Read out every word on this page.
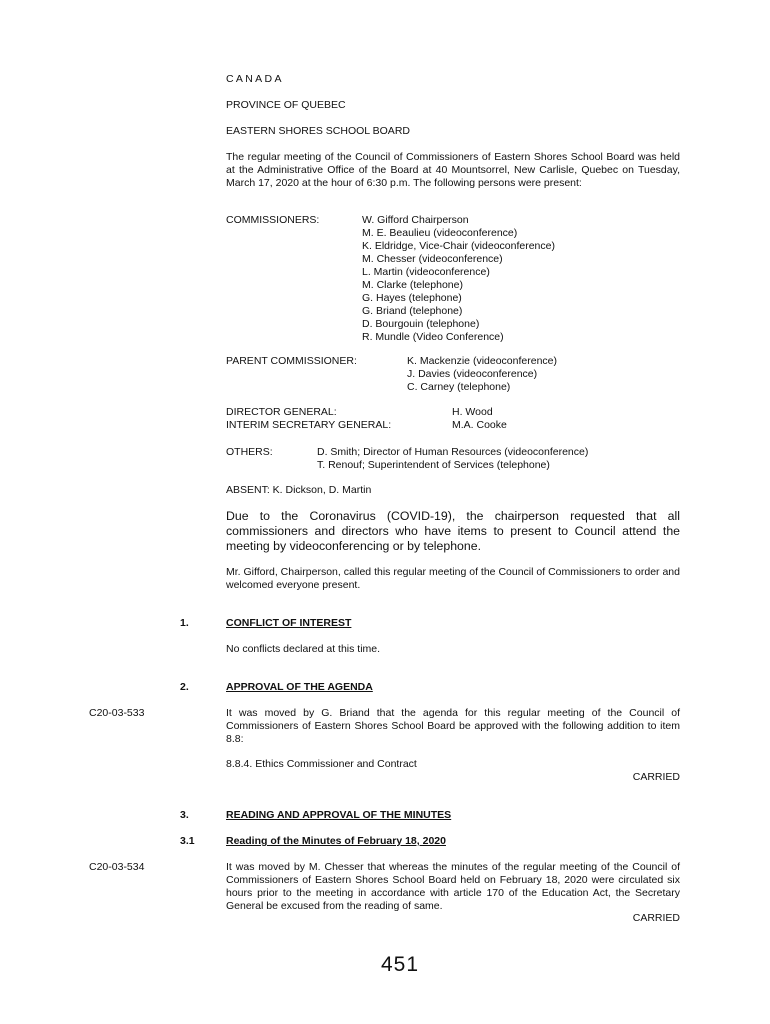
C A N A D A
PROVINCE OF QUEBEC
EASTERN SHORES SCHOOL BOARD
The regular meeting of the Council of Commissioners of Eastern Shores School Board was held at the Administrative Office of the Board at 40 Mountsorrel, New Carlisle, Quebec on Tuesday, March 17, 2020 at the hour of 6:30 p.m. The following persons were present:
COMMISSIONERS:	W. Gifford Chairperson
M. E. Beaulieu (videoconference)
K. Eldridge, Vice-Chair (videoconference)
M. Chesser (videoconference)
L. Martin (videoconference)
M. Clarke (telephone)
G. Hayes (telephone)
G. Briand (telephone)
D. Bourgouin (telephone)
R. Mundle (Video Conference)
PARENT COMMISSIONER:	K. Mackenzie (videoconference)
J. Davies (videoconference)
C. Carney (telephone)
DIRECTOR GENERAL:	H. Wood
INTERIM SECRETARY GENERAL:	M.A. Cooke
OTHERS:	D. Smith; Director of Human Resources (videoconference)
T. Renouf; Superintendent of Services (telephone)
ABSENT: K. Dickson, D. Martin
Due to the Coronavirus (COVID-19), the chairperson requested that all commissioners and directors who have items to present to Council attend the meeting by videoconferencing or by telephone.
Mr. Gifford, Chairperson, called this regular meeting of the Council of Commissioners to order and welcomed everyone present.
1.	CONFLICT OF INTEREST
No conflicts declared at this time.
2.	APPROVAL OF THE AGENDA
C20-03-533	It was moved by G. Briand that the agenda for this regular meeting of the Council of Commissioners of Eastern Shores School Board be approved with the following addition to item 8.8:
8.8.4. Ethics Commissioner and Contract
CARRIED
3.	READING AND APPROVAL OF THE MINUTES
3.1	Reading of the Minutes of February 18, 2020
C20-03-534	It was moved by M. Chesser that whereas the minutes of the regular meeting of the Council of Commissioners of Eastern Shores School Board held on February 18, 2020 were circulated six hours prior to the meeting in accordance with article 170 of the Education Act, the Secretary General be excused from the reading of same.
CARRIED
451
